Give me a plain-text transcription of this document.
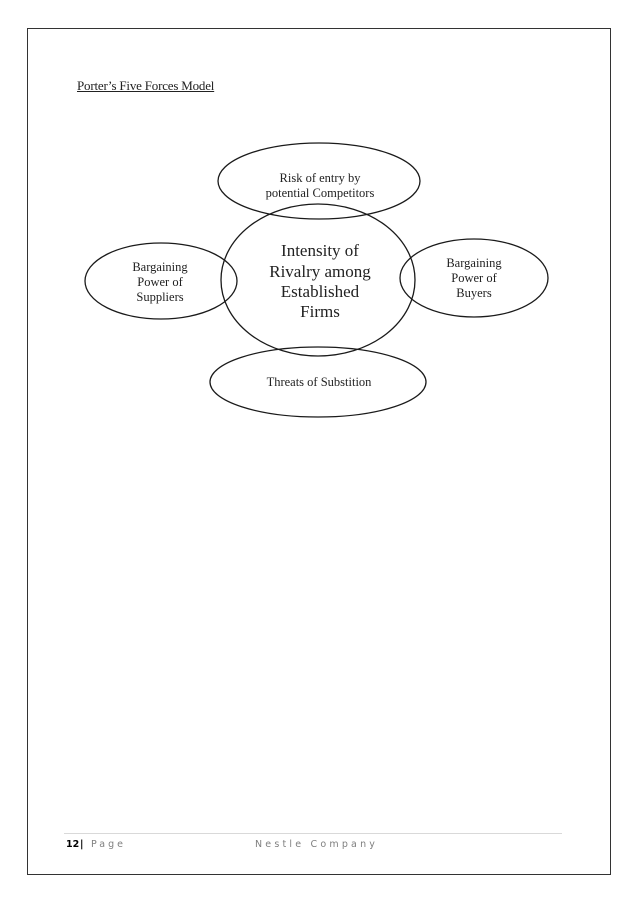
Porter’s Five Forces Model
Intensity of
Rivalry among
Established
Firms
Risk of entry by
potential Competitors
Bargaining
Power of
Suppliers
Bargaining
Power of
Buyers
Threats of Substition
12 | Page	Nestle Company
